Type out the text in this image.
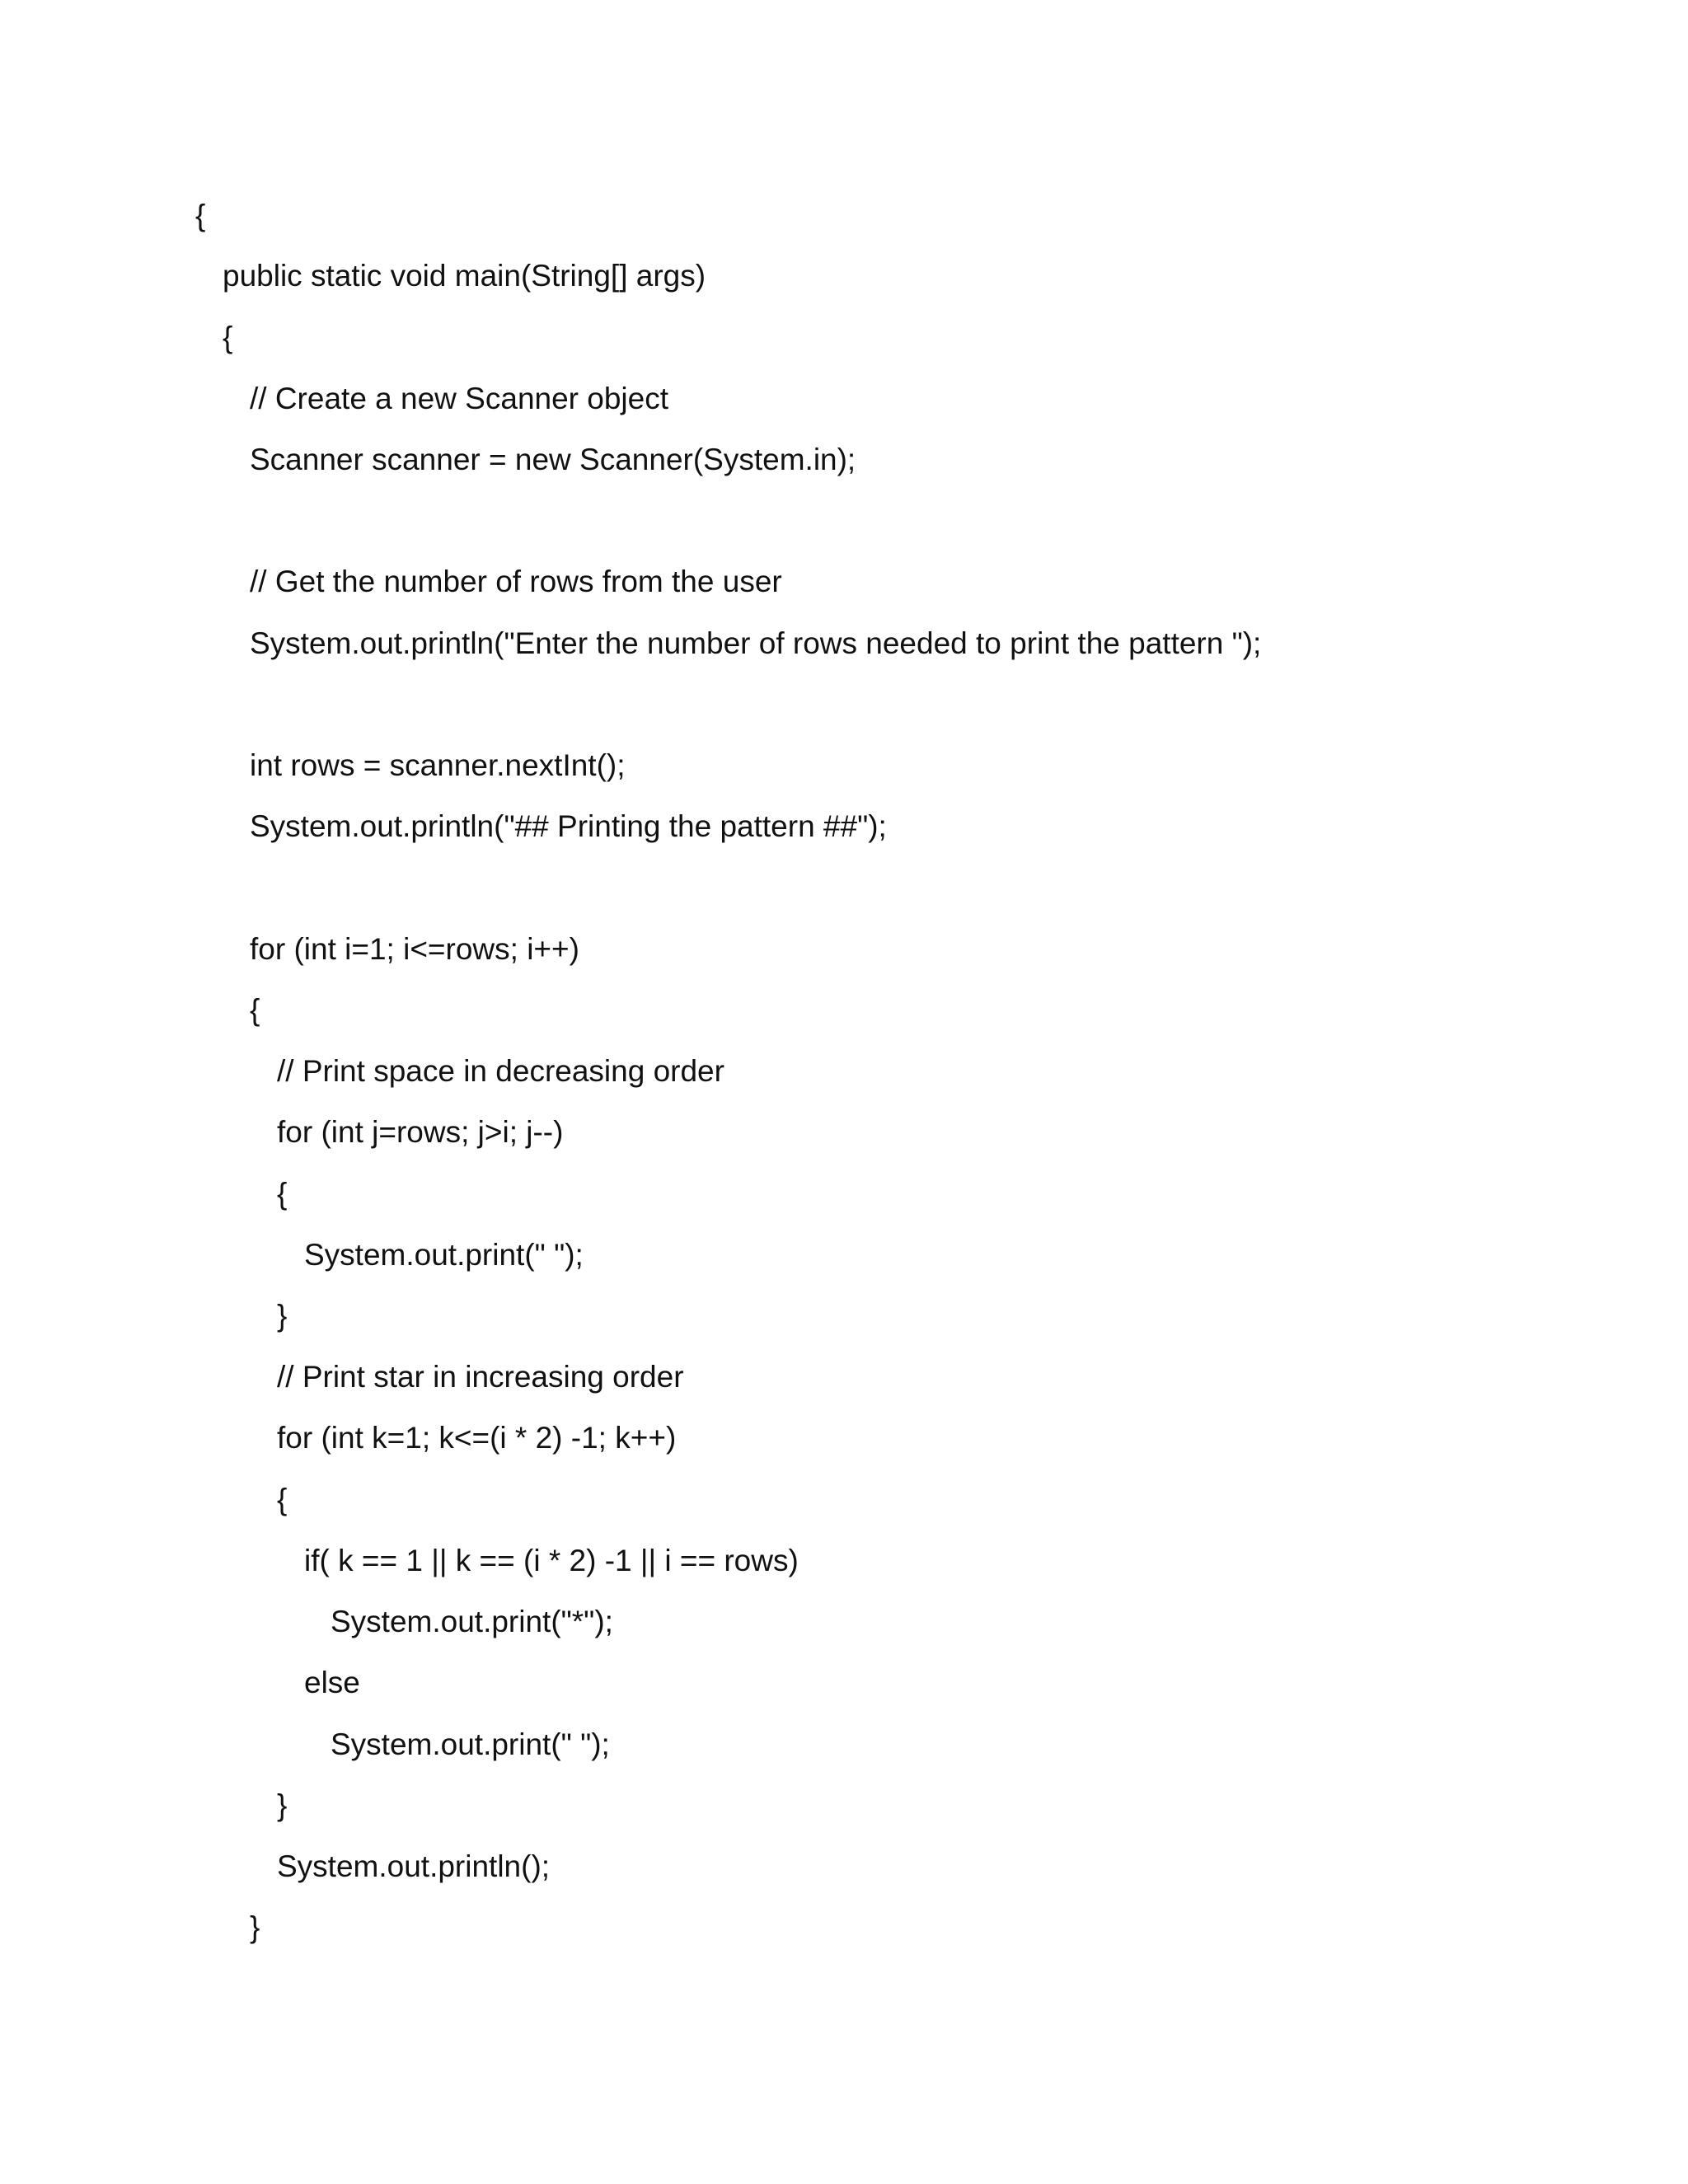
{
public static void main(String[] args)
{
// Create a new Scanner object
Scanner scanner = new Scanner(System.in);
// Get the number of rows from the user
System.out.println("Enter the number of rows needed to print the pattern ");
int rows = scanner.nextInt();
System.out.println("## Printing the pattern ##");
for (int i=1; i<=rows; i++)
{
// Print space in decreasing order
for (int j=rows; j>i; j--)
{
System.out.print(" ");
}
// Print star in increasing order
for (int k=1; k<=(i * 2) -1; k++)
{
if( k == 1 || k == (i * 2) -1 || i == rows)
System.out.print("*");
else
System.out.print(" ");
}
System.out.println();
}
